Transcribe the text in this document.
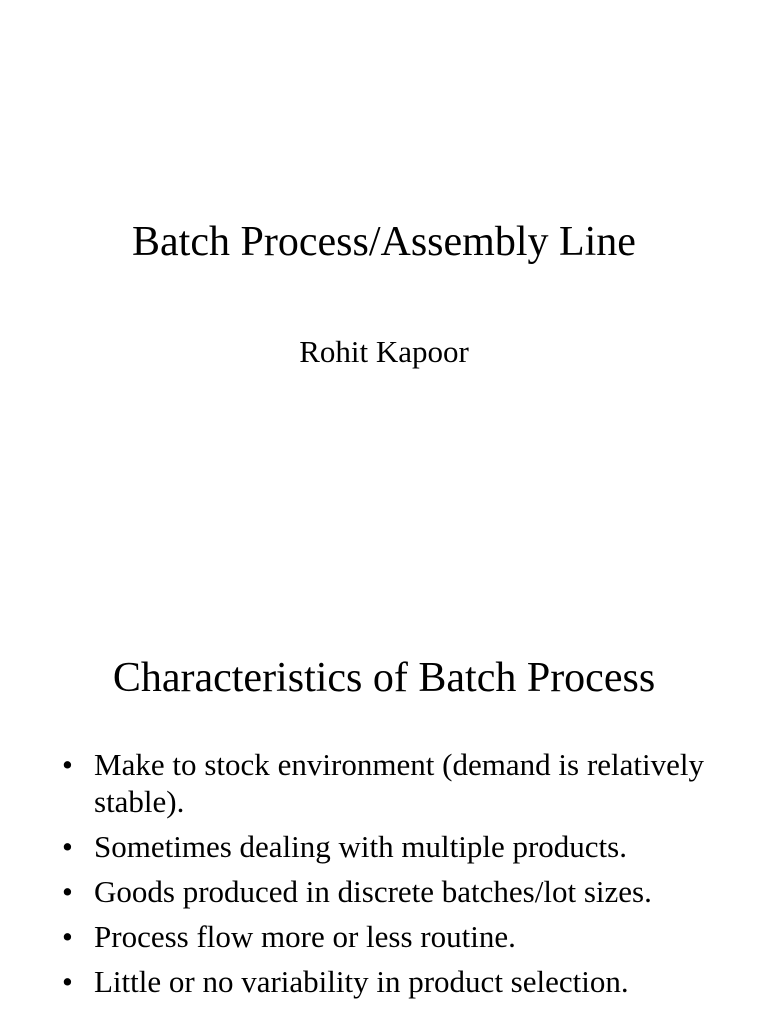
Batch Process/Assembly Line
Rohit Kapoor
Characteristics of Batch Process
• Make to stock environment (demand is relatively stable).
• Sometimes dealing with multiple products.
• Goods produced in discrete batches/lot sizes.
• Process flow more or less routine.
• Little or no variability in product selection.
